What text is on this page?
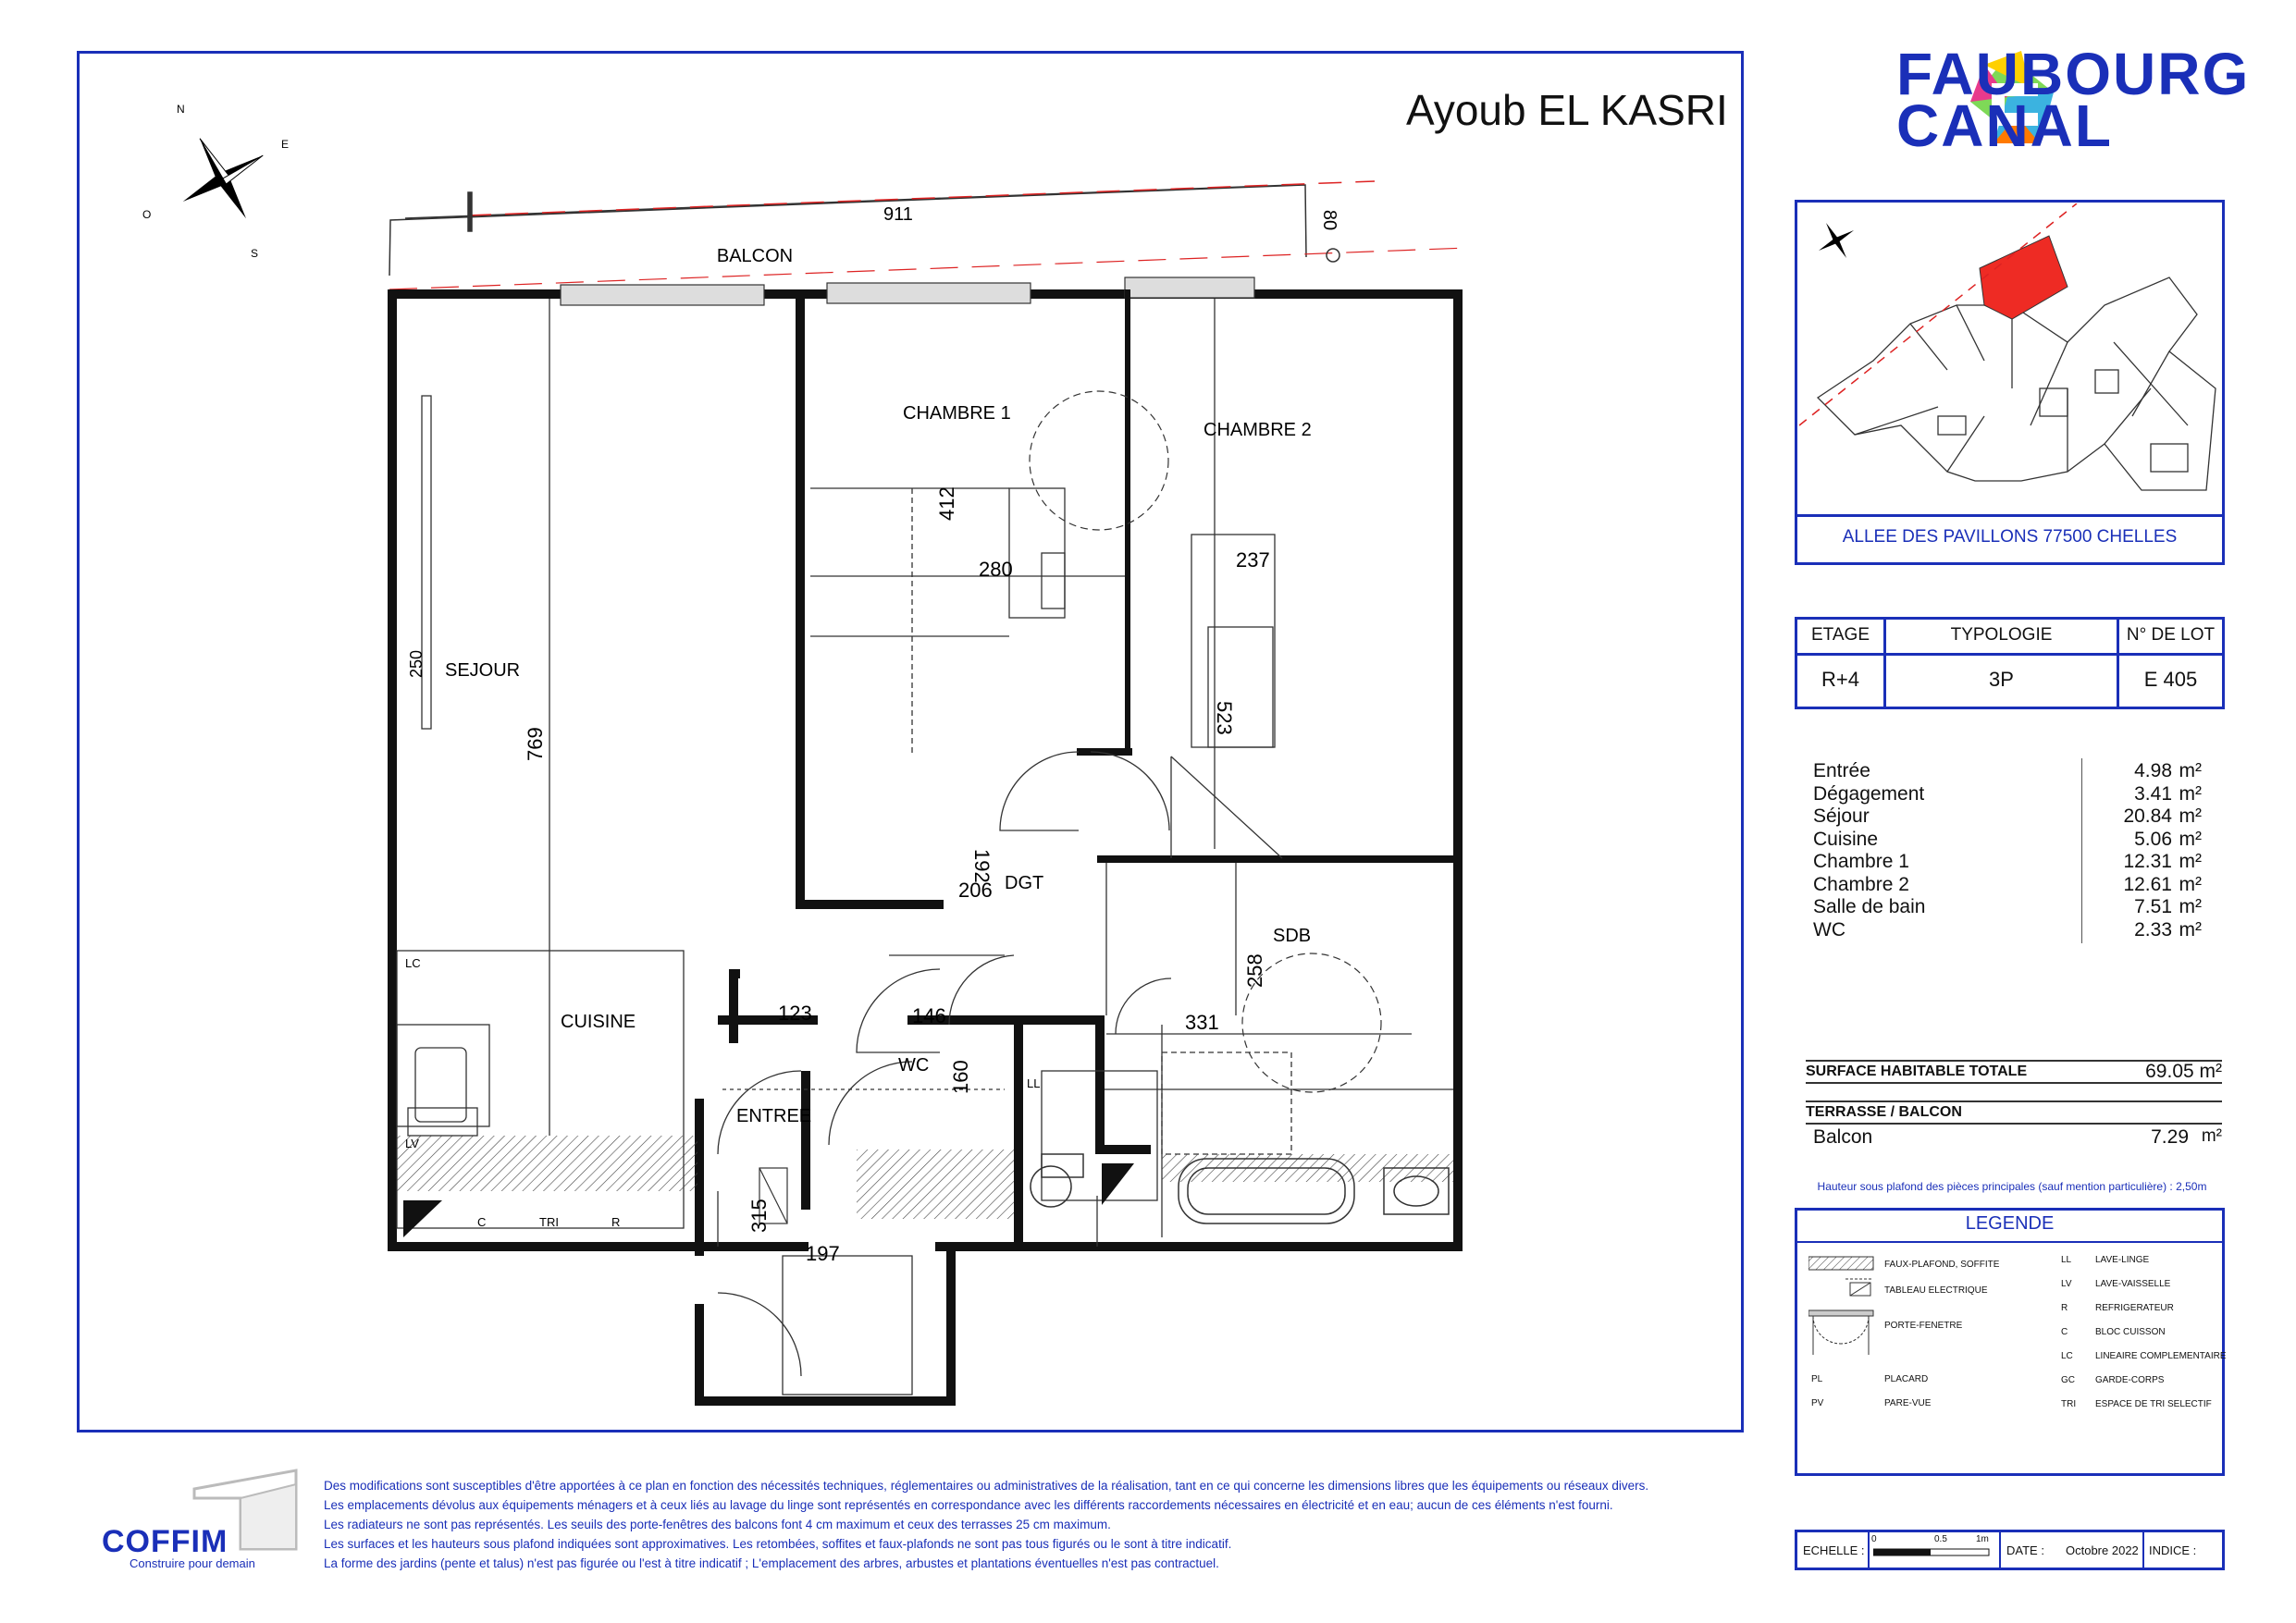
Ayoub EL KASRI
N
E
S
O	911	80
BALCON
CHAMBRE 1
CHAMBRE 2
SEJOUR
CUISINE
DGT
SDB
WC
ENTREE
412
280	237
250
769
523
192
206
123	146
160
331
258
315
197
LC
LV
C	TRI	R
LL
FAUBOURG
CANAL
ALLEE DES PAVILLONS 77500 CHELLES
ETAGE	TYPOLOGIE	N° DE LOT
R+4	3P	E 405
Entrée	4.98 m²
Dégagement	3.41 m²
Séjour	20.84 m²
Cuisine	5.06 m²
Chambre 1	12.31 m²
Chambre 2	12.61 m²
Salle de bain	7.51 m²
WC	2.33 m²
SURFACE HABITABLE TOTALE	69.05 m²
TERRASSE / BALCON
Balcon	7.29 m²
Hauteur sous plafond des pièces principales (sauf mention particulière) : 2,50m
LEGENDE
FAUX-PLAFOND, SOFFITE
TABLEAU ELECTRIQUE
PORTE-FENETRE
PL	PLACARD
PV	PARE-VUE
LL	LAVE-LINGE
LV	LAVE-VAISSELLE
R	REFRIGERATEUR
C	BLOC CUISSON
LC LINEAIRE COMPLEMENTAIRE
GC GARDE-CORPS
TRI ESPACE DE TRI SELECTIF
Des modifications sont susceptibles d'être apportées à ce plan en fonction des nécessités techniques, réglementaires ou administratives de la réalisation, tant en ce qui concerne les dimensions libres que les équipements ou réseaux divers.
Les emplacements dévolus aux équipements ménagers et à ceux liés au lavage du linge sont représentés en correspondance avec les différents raccordements nécessaires en électricité et en eau; aucun de ces éléments n'est fourni.
Les radiateurs ne sont pas représentés. Les seuils des porte-fenêtres des balcons font 4 cm maximum et ceux des terrasses 25 cm maximum.
Les surfaces et les hauteurs sous plafond indiquées sont approximatives. Les retombées, soffites et faux-plafonds ne sont pas tous figurés ou le sont à titre indicatif.
La forme des jardins (pente et talus) n'est pas figurée ou l'est à titre indicatif ; L'emplacement des arbres, arbustes et plantations éventuelles n'est pas contractuel.
COFFIM
Construire pour demain
ECHELLE :
0	0.5	1m
DATE : Octobre 2022 INDICE :
